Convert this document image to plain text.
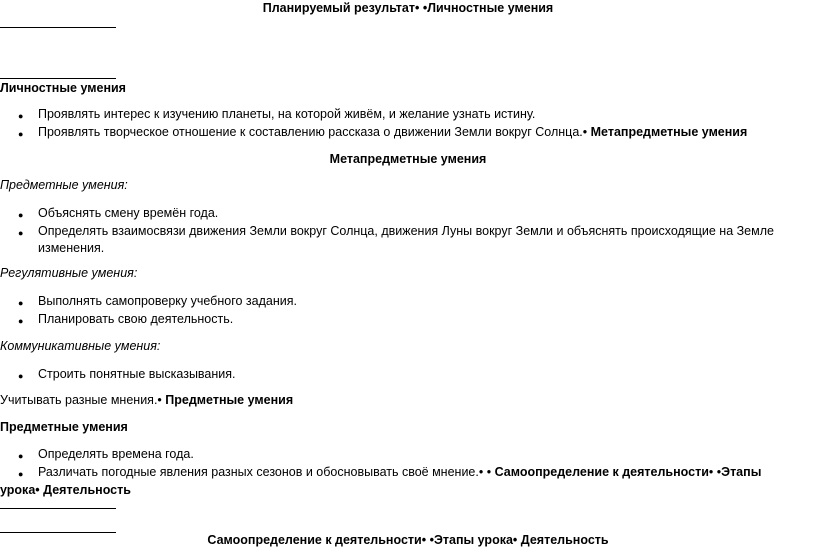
Планируемый результат• •Личностные умения
Личностные умения
● Проявлять интерес к изучению планеты, на которой живём, и желание узнать истину.
● Проявлять творческое отношение к составлению рассказа о движении Земли вокруг Солнца.• Метапредметные умения
Метапредметные умения
Предметные умения:
● Объяснять смену времён года.
● Определять взаимосвязи движения Земли вокруг Солнца, движения Луны вокруг Земли и объяснять происходящие на Земле
изменения.
Регулятивные умения:
● Выполнять самопроверку учебного задания.
● Планировать свою деятельность.
Коммуникативные умения:
● Строить понятные высказывания.
Учитывать разные мнения.• Предметные умения
Предметные умения
● Определять времена года.
● Различать погодные явления разных сезонов и обосновывать своё мнение.• • Самоопределение к деятельности• •Этапы
урока• Деятельность
Самоопределение к деятельности• •Этапы урока• Деятельность
